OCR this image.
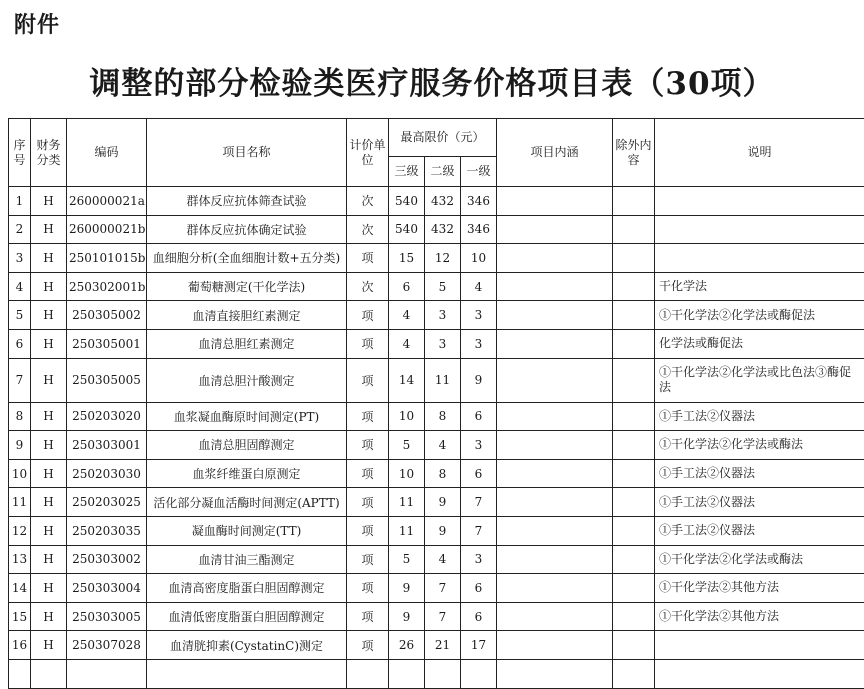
附件
调整的部分检验类医疗服务价格项目表（30项）
序号	财务分类	编码	项目名称	计价单位	最高限价（元）			项目内涵	除外内容	说明
					三级	二级	一级			
1	H	260000021a	群体反应抗体筛查试验	次	540	432	346			
2	H	260000021b	群体反应抗体确定试验	次	540	432	346			
3	H	250101015b	血细胞分析(全血细胞计数+五分类)	项	15	12	10			
4	H	250302001b	葡萄糖测定(干化学法)	次	6	5	4			干化学法
5	H	250305002	血清直接胆红素测定	项	4	3	3			①干化学法②化学法或酶促法
6	H	250305001	血清总胆红素测定	项	4	3	3			化学法或酶促法
7	H	250305005	血清总胆汁酸测定	项	14	11	9			①干化学法②化学法或比色法③酶促法
8	H	250203020	血浆凝血酶原时间测定(PT)	项	10	8	6			①手工法②仪器法
9	H	250303001	血清总胆固醇测定	项	5	4	3			①干化学法②化学法或酶法
10	H	250203030	血浆纤维蛋白原测定	项	10	8	6			①手工法②仪器法
11	H	250203025	活化部分凝血活酶时间测定(APTT)	项	11	9	7			①手工法②仪器法
12	H	250203035	凝血酶时间测定(TT)	项	11	9	7			①手工法②仪器法
13	H	250303002	血清甘油三酯测定	项	5	4	3			①干化学法②化学法或酶法
14	H	250303004	血清高密度脂蛋白胆固醇测定	项	9	7	6			①干化学法②其他方法
15	H	250303005	血清低密度脂蛋白胆固醇测定	项	9	7	6			①干化学法②其他方法
16	H	250307028	血清胱抑素(CystatinC)测定	项	26	21	17			
